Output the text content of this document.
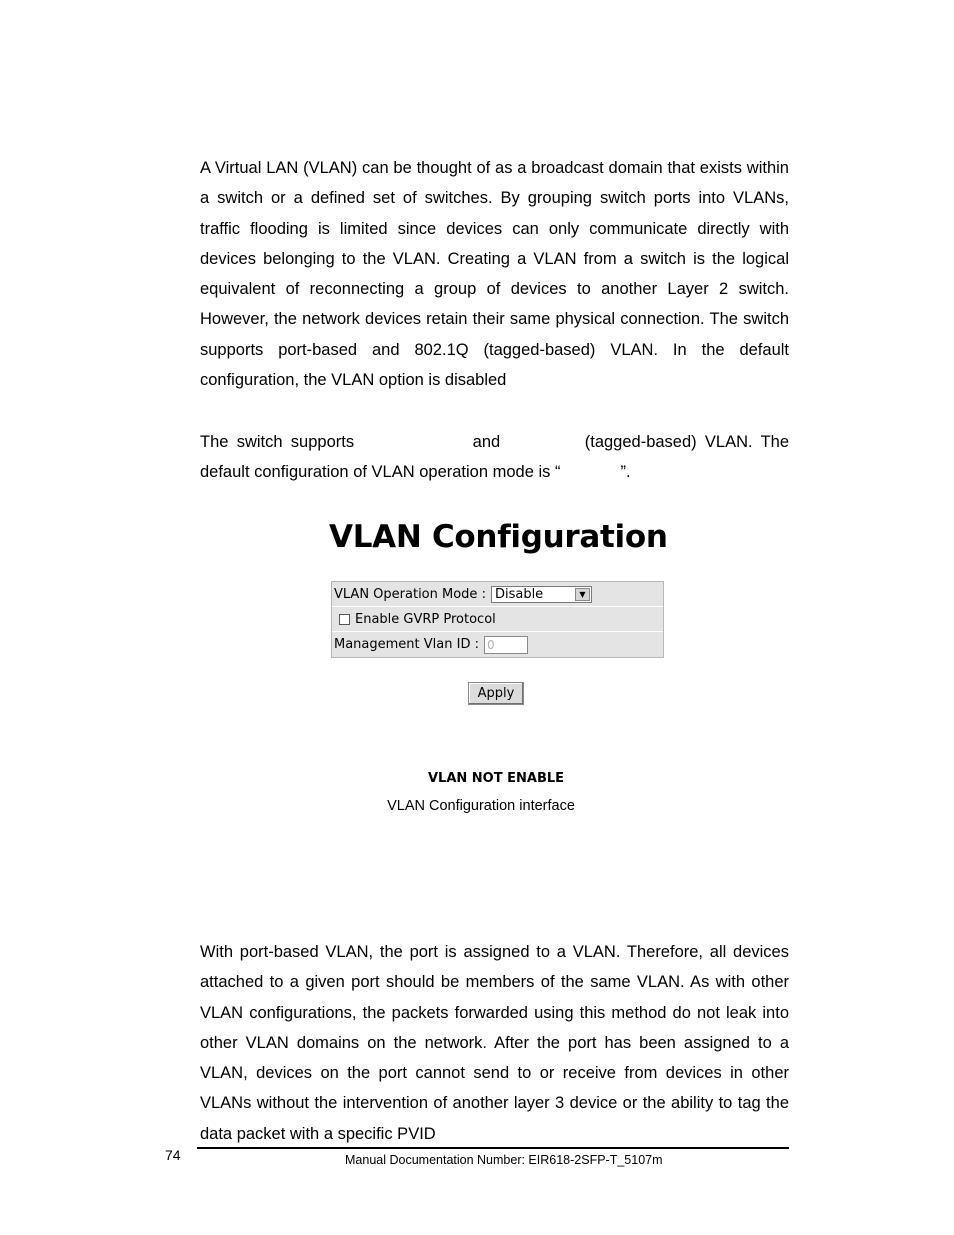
A Virtual LAN (VLAN) can be thought of as a broadcast domain that exists within a switch or a defined set of switches. By grouping switch ports into VLANs, traffic flooding is limited since devices can only communicate directly with devices belonging to the VLAN. Creating a VLAN from a switch is the logical equivalent of reconnecting a group of devices to another Layer 2 switch. However, the network devices retain their same physical connection. The switch supports port-based and 802.1Q (tagged-based) VLAN. In the default configuration, the VLAN option is disabled

The switch supports	and	(tagged-based) VLAN. The default configuration of VLAN operation mode is “	”.

VLAN Configuration
VLAN Operation Mode : Disable	▼
Enable GVRP Protocol
Management Vlan ID : 0
Apply
VLAN NOT ENABLE
VLAN Configuration interface

With port-based VLAN, the port is assigned to a VLAN. Therefore, all devices attached to a given port should be members of the same VLAN. As with other VLAN configurations, the packets forwarded using this method do not leak into other VLAN domains on the network. After the port has been assigned to a VLAN, devices on the port cannot send to or receive from devices in other VLANs without the intervention of another layer 3 device or the ability to tag the data packet with a specific PVID

74	Manual Documentation Number: EIR618-2SFP-T_5107m
